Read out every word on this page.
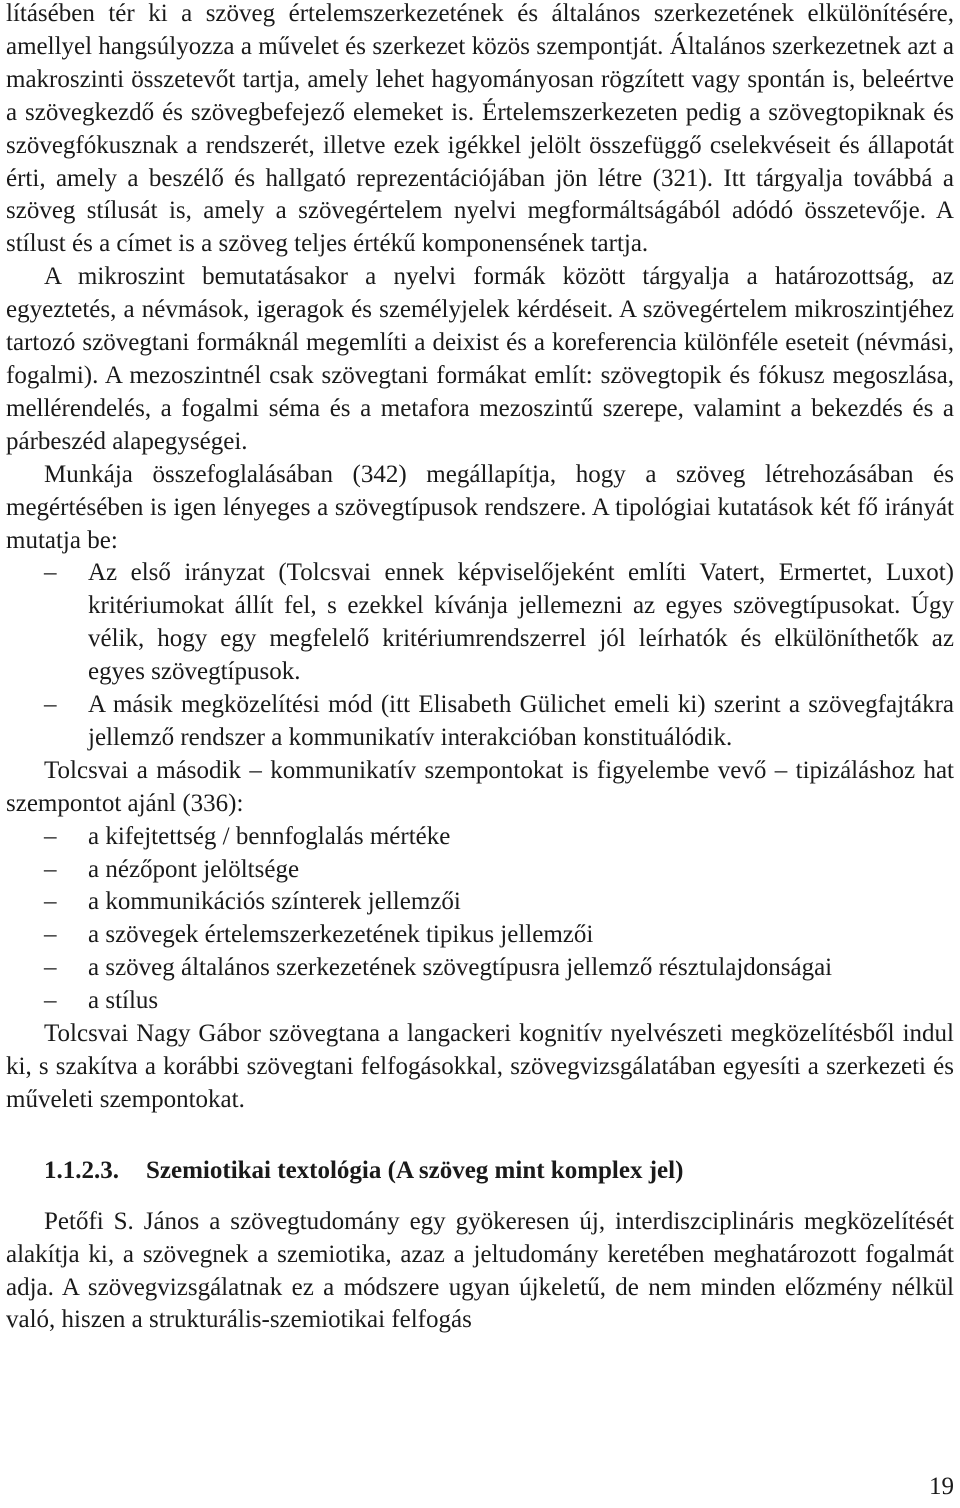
lításében tér ki a szöveg értelemszerkezetének és általános szerkezetének elkülönítésére, amellyel hangsúlyozza a művelet és szerkezet közös szempontját. Általános szerkezetnek azt a makroszinti összetevőt tartja, amely lehet hagyományosan rögzített vagy spontán is, beleértve a szövegkezdő és szövegbefejező elemeket is. Értelemszerkezeten pedig a szövegtopiknak és szövegfókusznak a rendszerét, illetve ezek igékkel jelölt összefüggő cselekvéseit és állapotát érti, amely a beszélő és hallgató reprezentációjában jön létre (321). Itt tárgyalja továbbá a szöveg stílusát is, amely a szövegértelem nyelvi megformáltságából adódó összetevője. A stílust és a címet is a szöveg teljes értékű komponensének tartja.

A mikroszint bemutatásakor a nyelvi formák között tárgyalja a határozottság, az egyeztetés, a névmások, igeragok és személyjelek kérdéseit. A szövegértelem mikroszintjéhez tartozó szövegtani formáknál megemlíti a deixist és a koreferencia különféle eseteit (névmási, fogalmi). A mezoszintnél csak szövegtani formákat említ: szövegtopik és fókusz megoszlása, mellérendelés, a fogalmi séma és a metafora mezoszintű szerepe, valamint a bekezdés és a párbeszéd alapegységei.

Munkája összefoglalásában (342) megállapítja, hogy a szöveg létrehozásában és megértésében is igen lényeges a szövegtípusok rendszere. A tipológiai kutatások két fő irányát mutatja be:

– Az első irányzat (Tolcsvai ennek képviselőjeként említi Vatert, Ermertet, Luxot) kritériumokat állít fel, s ezekkel kívánja jellemezni az egyes szövegtípusokat. Úgy vélik, hogy egy megfelelő kritériumrendszerrel jól leírhatók és elkülöníthetők az egyes szövegtípusok.
– A másik megközelítési mód (itt Elisabeth Gülichet emeli ki) szerint a szövegfajtákra jellemző rendszer a kommunikatív interakcióban konstituálódik.

Tolcsvai a második – kommunikatív szempontokat is figyelembe vevő – tipizáláshoz hat szempontot ajánl (336):

– a kifejtettség / bennfoglalás mértéke
– a nézőpont jelöltsége
– a kommunikációs színterek jellemzői
– a szövegek értelemszerkezetének tipikus jellemzői
– a szöveg általános szerkezetének szövegtípusra jellemző résztulajdonságai
– a stílus

Tolcsvai Nagy Gábor szövegtana a langackeri kognitív nyelvészeti megközelítésből indul ki, s szakítva a korábbi szövegtani felfogásokkal, szövegvizsgálatában egyesíti a szerkezeti és műveleti szempontokat.

1.1.2.3. Szemiotikai textológia (A szöveg mint komplex jel)

Petőfi S. János a szövegtudomány egy gyökeresen új, interdiszciplináris megközelítését alakítja ki, a szövegnek a szemiotika, azaz a jeltudomány keretében meghatározott fogalmát adja. A szövegvizsgálatnak ez a módszere ugyan újkeletű, de nem minden előzmény nélkül való, hiszen a strukturális-szemiotikai felfogás

19
